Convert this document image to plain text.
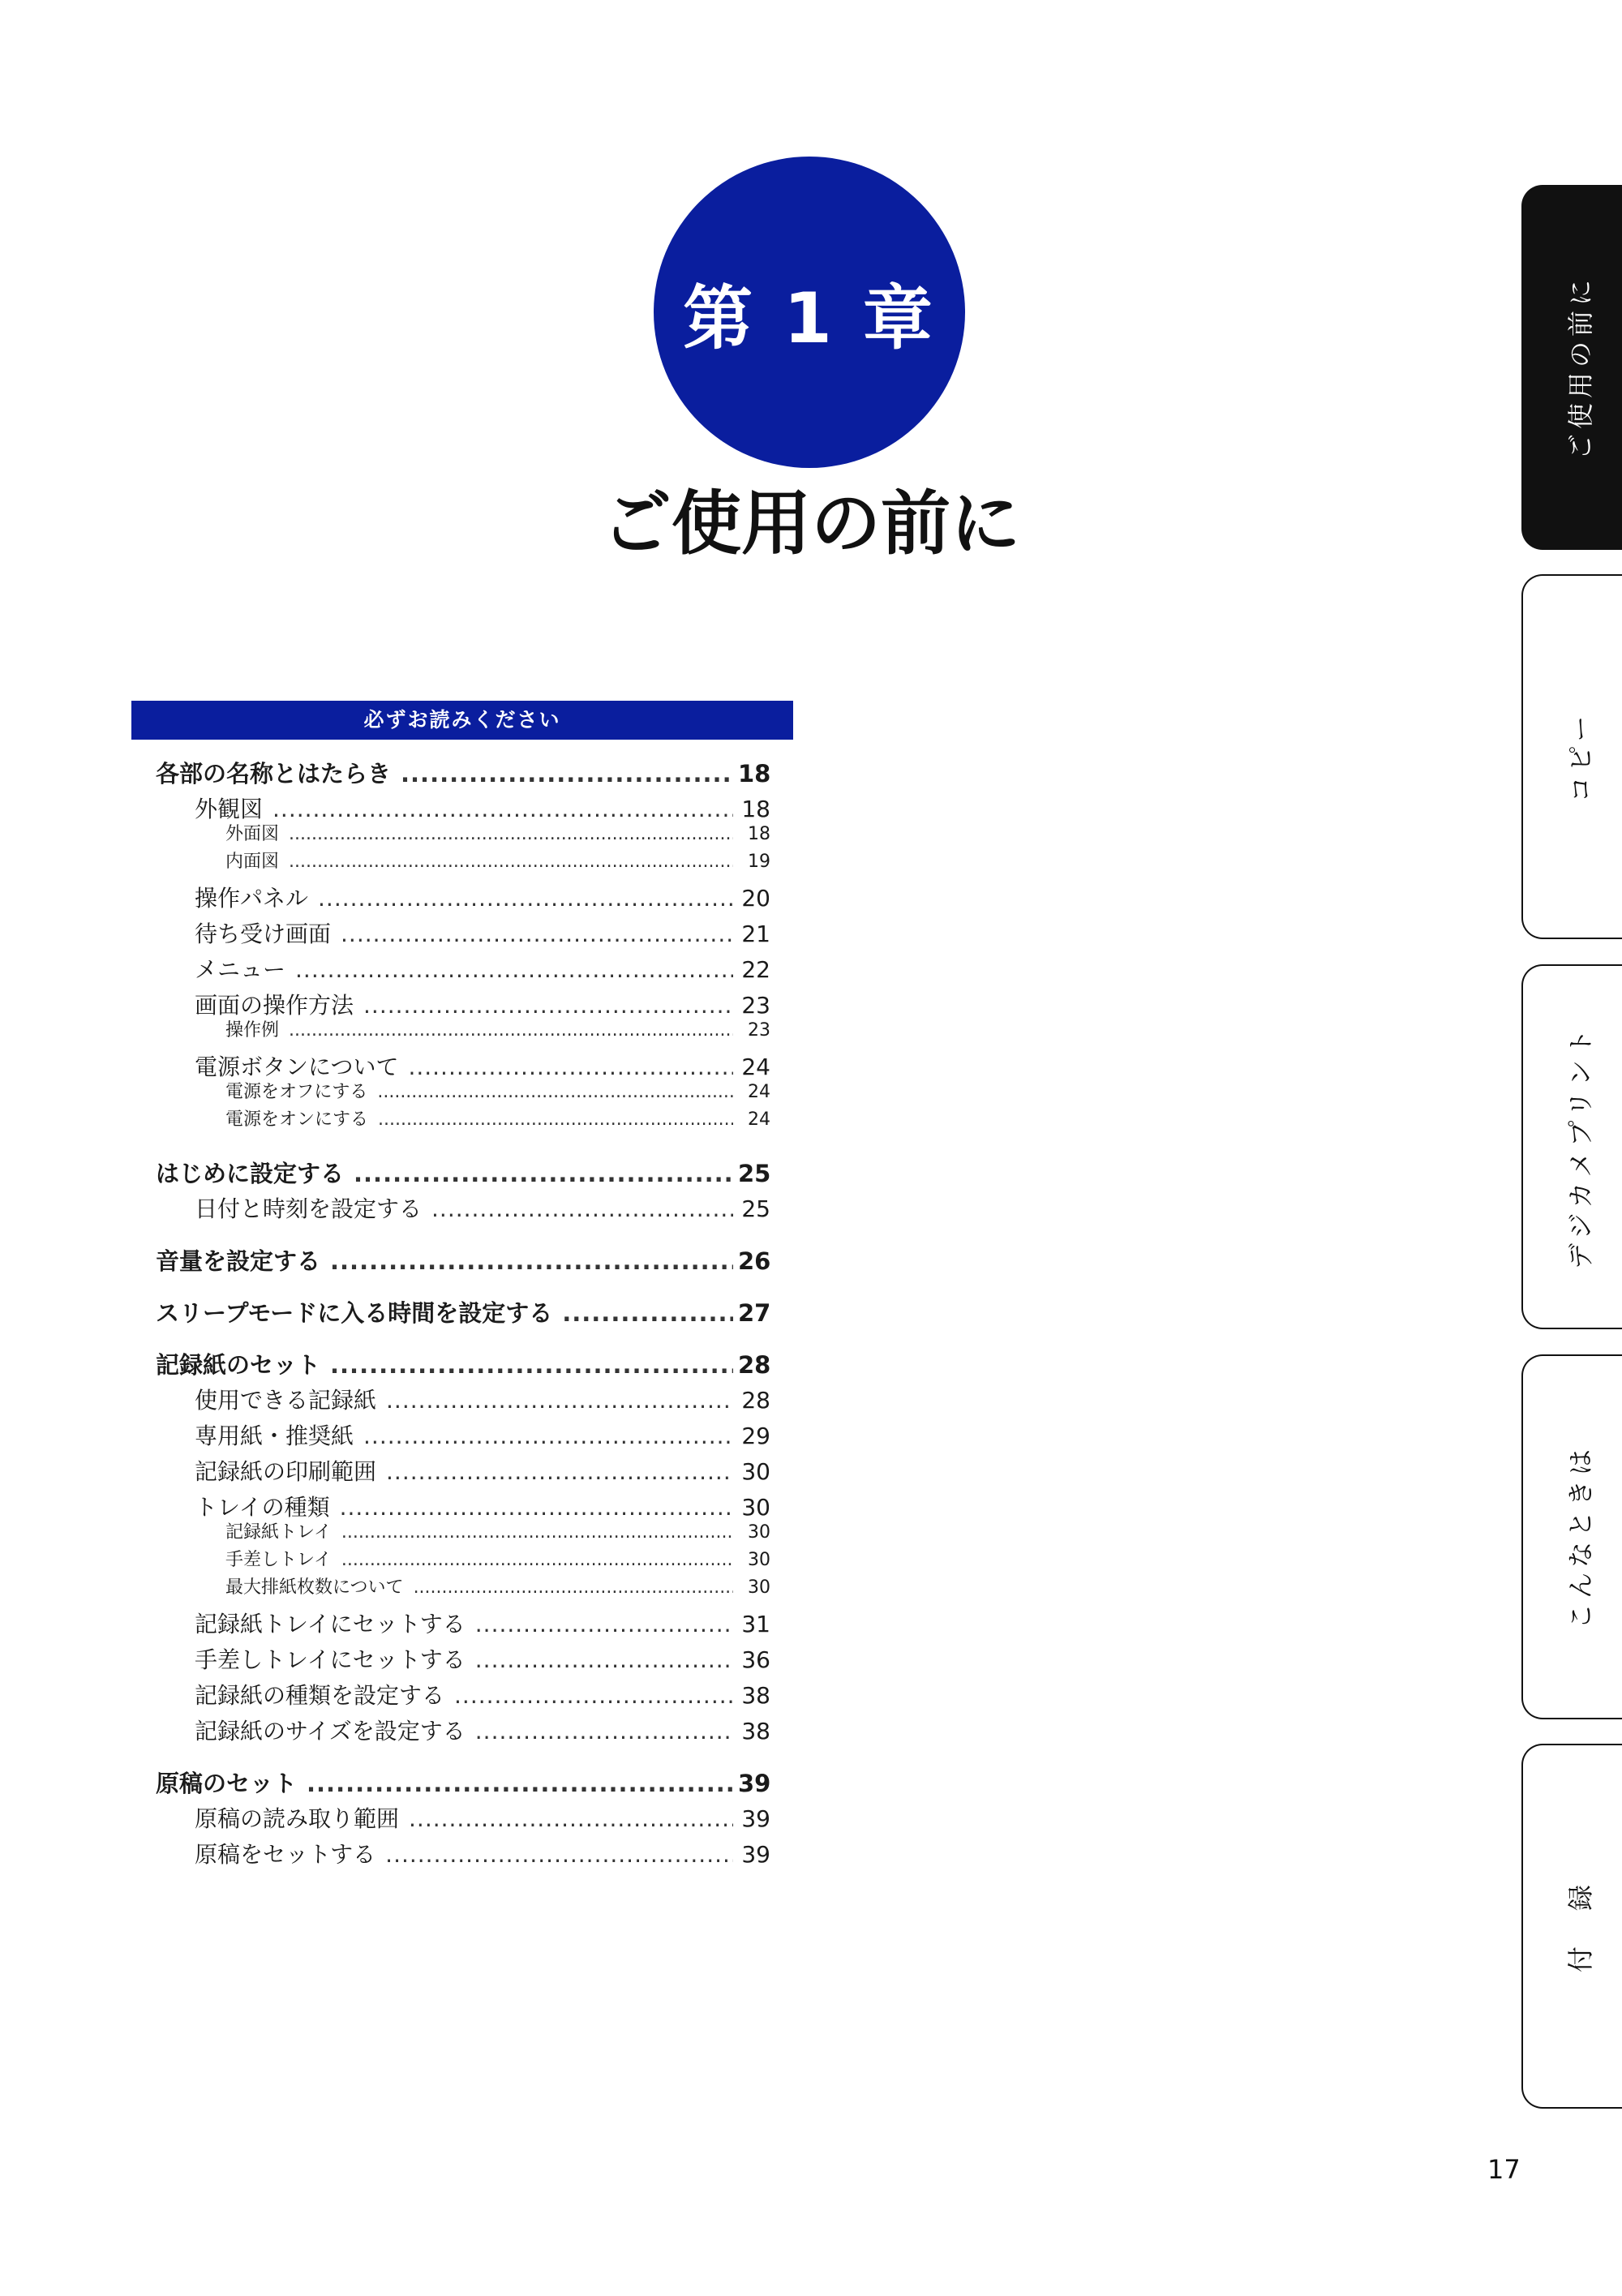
第 1 章
ご使用の前に
必ずお読みください
各部の名称とはたらき .....	18
外観図 .....	18
外面図 .....	18
内面図 .....	19
操作パネル .....	20
待ち受け画面 .....	21
メニュー .....	22
画面の操作方法 .....	23
操作例 .....	23
電源ボタンについて .....	24
電源をオフにする .....	24
電源をオンにする .....	24
はじめに設定する .....	25
日付と時刻を設定する .....	25
音量を設定する .....	26
スリープモードに入る時間を設定する .....	27
記録紙のセット .....	28
使用できる記録紙 .....	28
専用紙・推奨紙 .....	29
記録紙の印刷範囲 .....	30
トレイの種類 .....	30
記録紙トレイ .....	30
手差しトレイ .....	30
最大排紙枚数について .....	30
記録紙トレイにセットする .....	31
手差しトレイにセットする .....	36
記録紙の種類を設定する .....	38
記録紙のサイズを設定する .....	38
原稿のセット .....	39
原稿の読み取り範囲 .....	39
原稿をセットする .....	39
ご使用の前に
コピー
デジカメプリント
こんなときは
付　録
17
